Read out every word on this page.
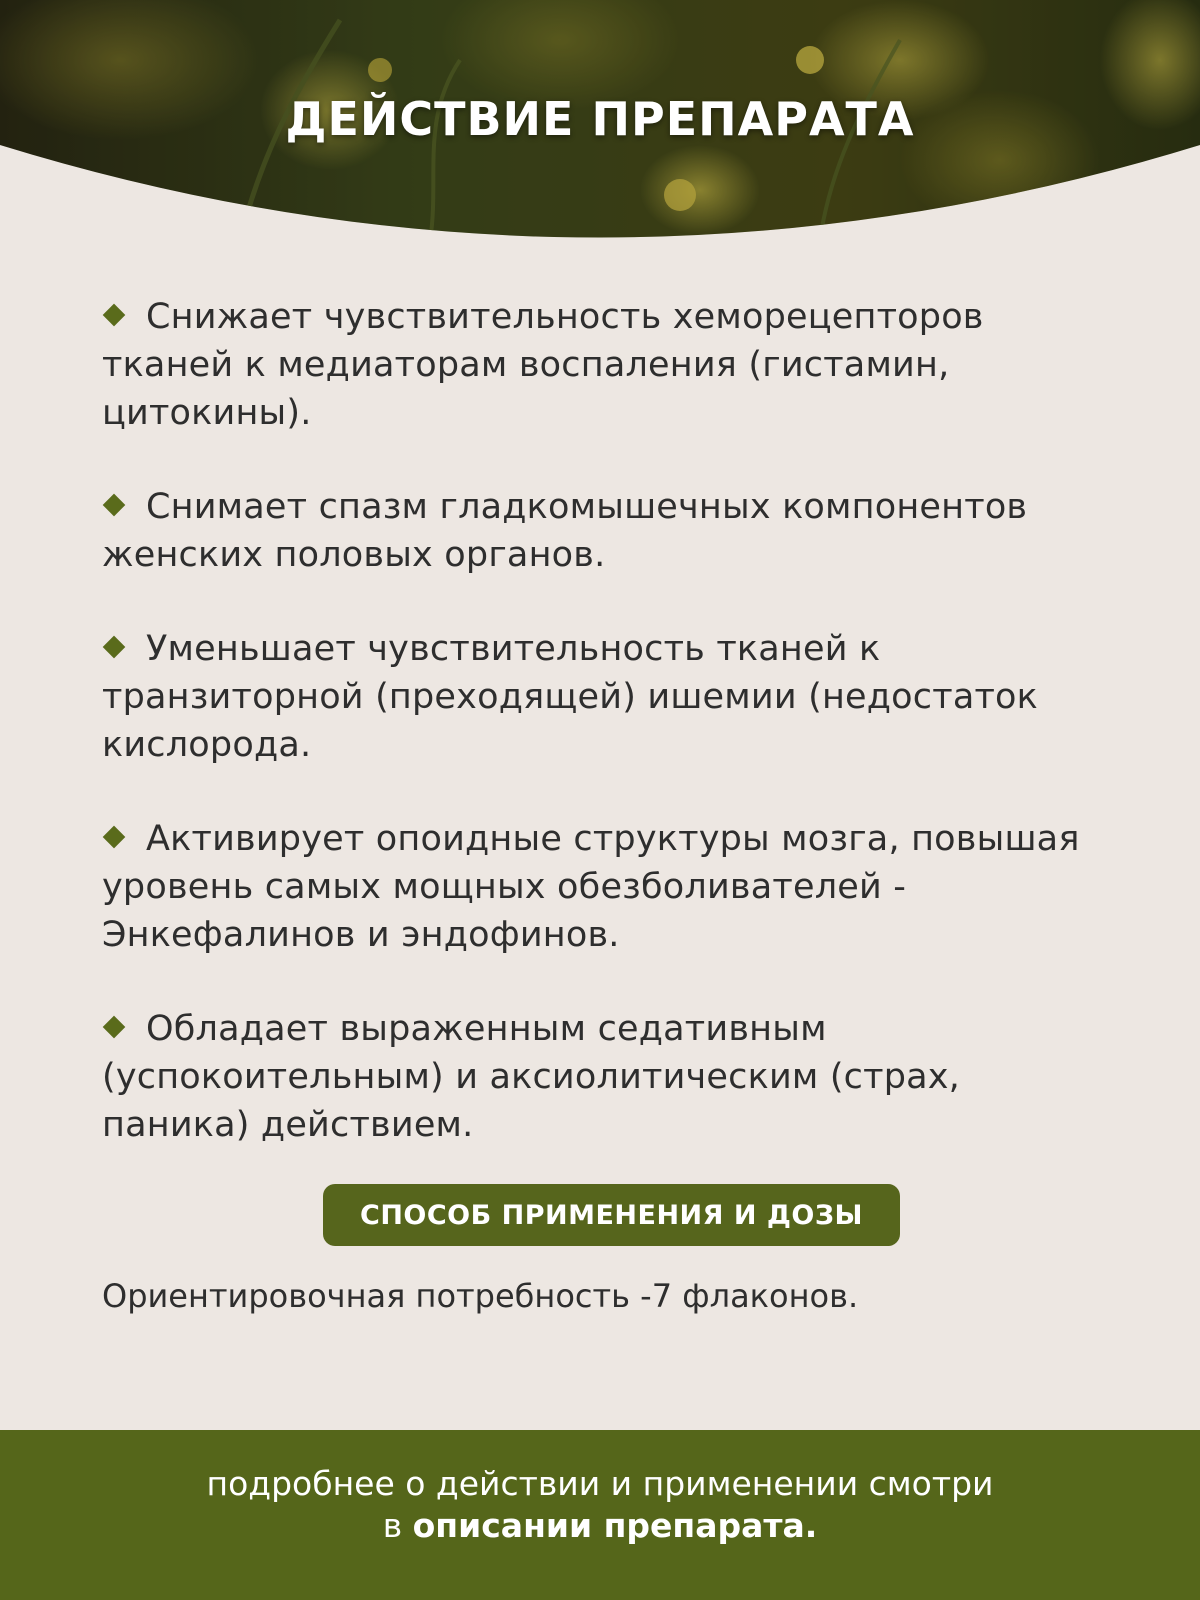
ДЕЙСТВИЕ ПРЕПАРАТА

Снижает чувствительность хеморецепторов тканей к медиаторам воспаления (гистамин, цитокины).

Снимает спазм гладкомышечных компонентов женских половых органов.

Уменьшает чувствительность тканей к транзиторной (преходящей) ишемии (недостаток кислорода.

Активирует опоидные структуры мозга, повышая уровень самых мощных обезболивателей - Энкефалинов и эндофинов.

Обладает выраженным седативным (успокоительным) и аксиолитическим (страх, паника) действием.

СПОСОБ ПРИМЕНЕНИЯ И ДОЗЫ
Ориентировочная потребность -7 флаконов.
подробнее о действии и применении смотри
в описании препарата.
